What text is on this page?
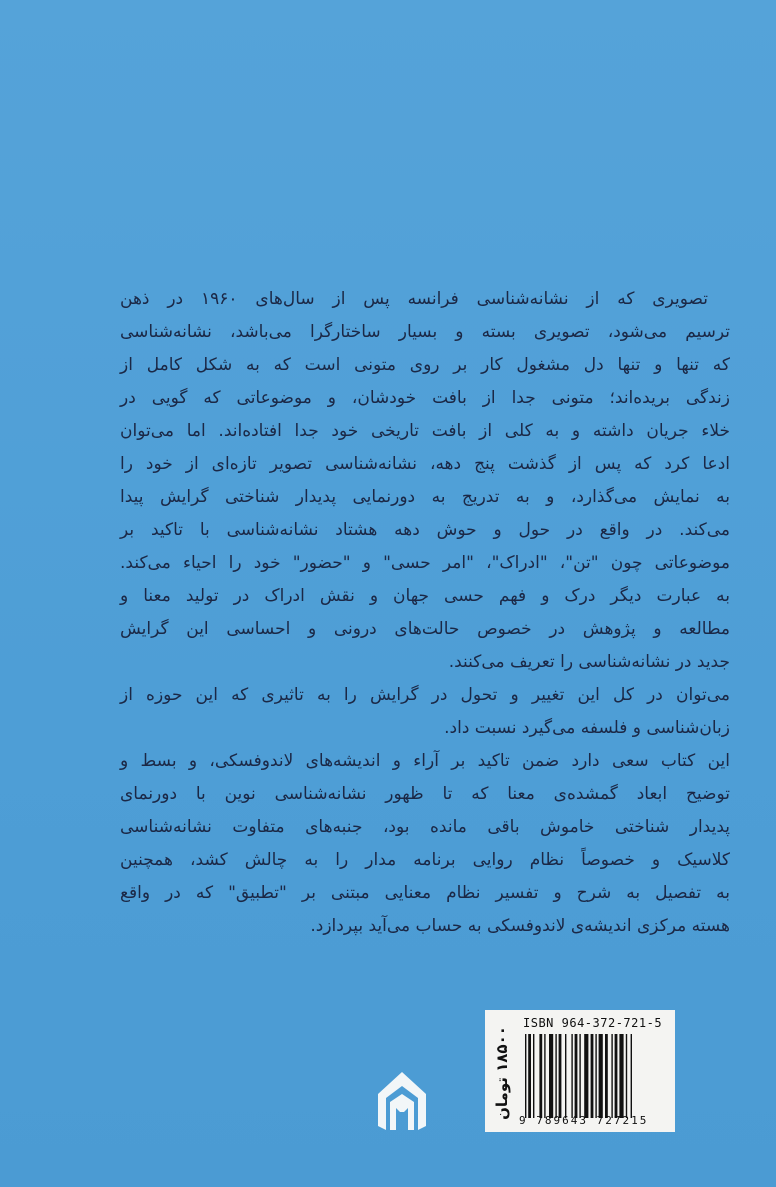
تصویری که از نشانه‌شناسی فرانسه پس از سال‌های ۱۹۶۰ در ذهن
ترسیم می‌شود، تصویری بسته و بسیار ساختارگرا می‌باشد، نشانه‌شناسی
که تنها و تنها دل مشغول کار بر روی متونی است که به شکل کامل از
زندگی بریده‌اند؛ متونی جدا از بافت خودشان، و موضوعاتی که گویی در
خلاء جریان داشته و به کلی از بافت تاریخی خود جدا افتاده‌اند. اما می‌توان
ادعا کرد که پس از گذشت پنج دهه، نشانه‌شناسی تصویر تازه‌ای از خود را
به نمایش می‌گذارد، و به تدریج به دورنمایی پدیدار شناختی گرایش پیدا
می‌کند. در واقع در حول و حوش دهه هشتاد نشانه‌شناسی با تاکید بر
موضوعاتی چون "تن"، "ادراک"، "امر حسی" و "حضور" خود را احیاء می‌کند.
به عبارت دیگر درک و فهم حسی جهان و نقش ادراک در تولید معنا و
مطالعه و پژوهش در خصوص حالت‌های درونی و احساسی این گرایش
جدید در نشانه‌شناسی را تعریف می‌کنند.
می‌توان در کل این تغییر و تحول در گرایش را به تاثیری که این حوزه از
زبان‌شناسی و فلسفه می‌گیرد نسبت داد.
این کتاب سعی دارد ضمن تاکید بر آراء و اندیشه‌های لاندوفسکی، و بسط و
توضیح ابعاد گمشده‌ی معنا که تا ظهور نشانه‌شناسی نوین با دورنمای
پدیدار شناختی خاموش باقی مانده بود، جنبه‌های متفاوت نشانه‌شناسی
کلاسیک و خصوصاً نظام روایی برنامه مدار را به چالش کشد، همچنین
به تفصیل به شرح و تفسیر نظام معنایی مبتنی بر "تطبیق" که در واقع
هسته مرکزی اندیشه‌ی لاندوفسکی به حساب می‌آید بپردازد.
۱۸۵۰۰ تومان
ISBN 964-372-721-5
9 789643 727215
